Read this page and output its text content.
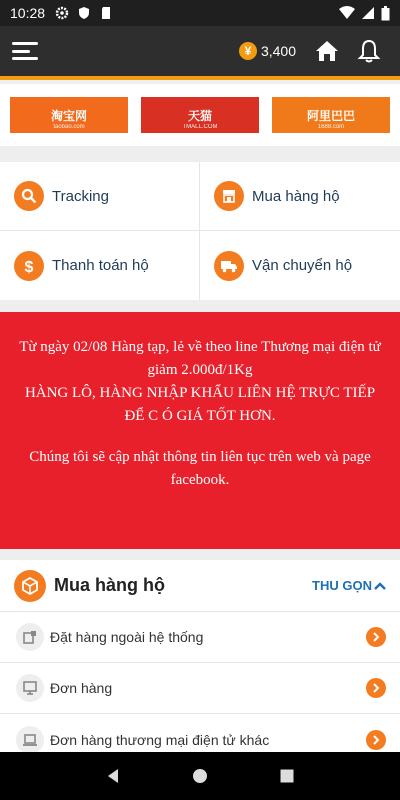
10:28
¥ 3,400
淘宝网
taobao.com
天猫
TMALL.COM
阿里巴巴
1688.com
Tracking	Mua hàng hộ
$ Thanh toán hộ	Vận chuyển hộ

Từ ngày 02/08 Hàng tạp, lẻ về theo line Thương mại điện tử giảm 2.000đ/1Kg

HÀNG LÔ, HÀNG NHẬP KHẨU LIÊN HỆ TRỰC TIẾP ĐỂ C Ó GIÁ TỐT HƠN.

Chúng tôi sẽ cập nhật thông tin liên tục trên web và page facebook.

Mua hàng hộ	THU GỌN
Đặt hàng ngoài hệ thống
Đơn hàng
Đơn hàng thương mại điện tử khác
